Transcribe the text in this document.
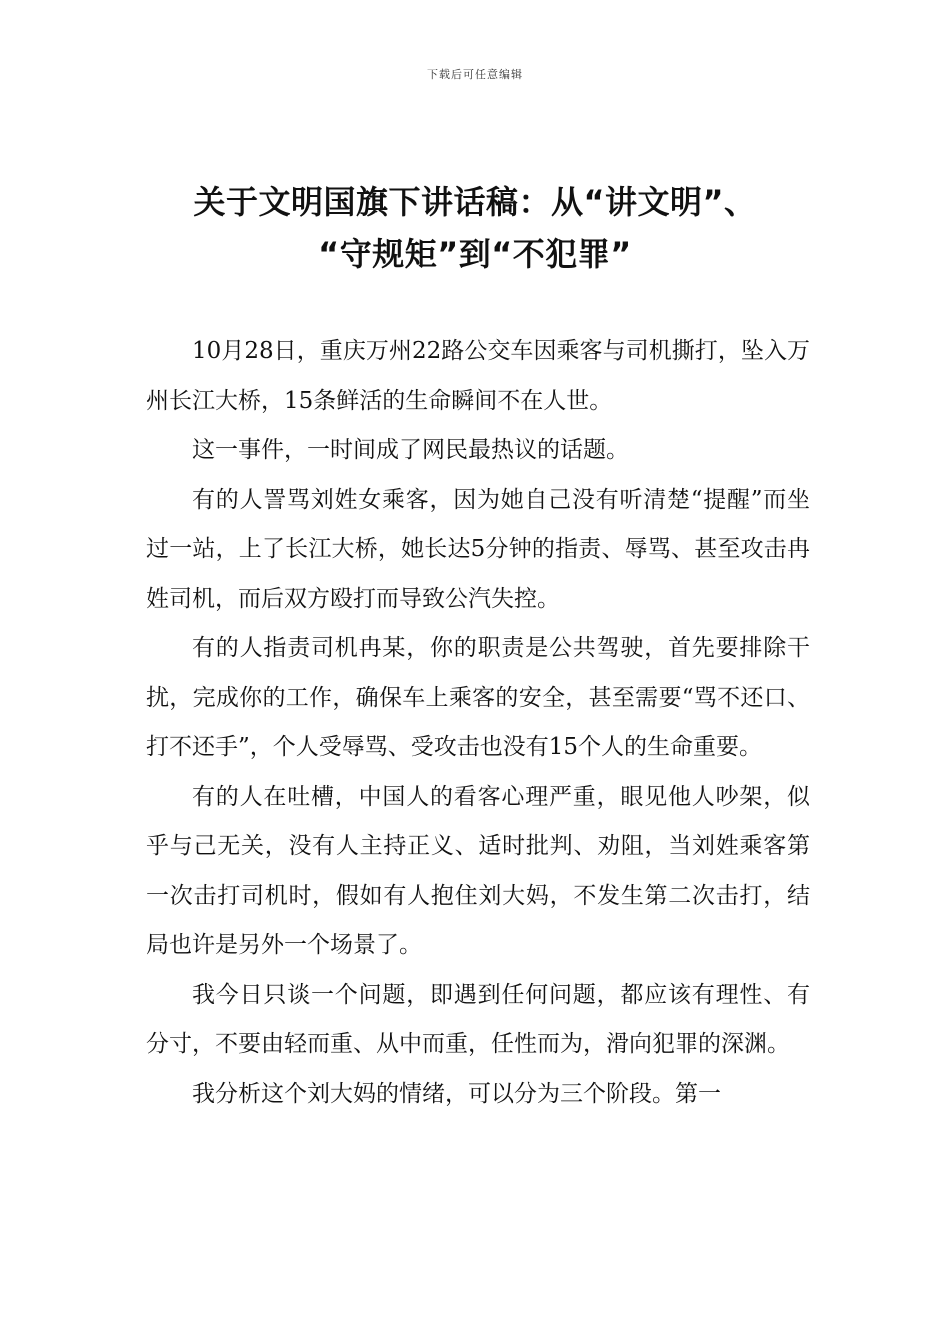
下载后可任意编辑
关于文明国旗下讲话稿：从“讲文明”、
“守规矩”到“不犯罪”

10月28日，重庆万州22路公交车因乘客与司机撕打，坠入万州长江大桥，15条鲜活的生命瞬间不在人世。

这一事件，一时间成了网民最热议的话题。

有的人詈骂刘姓女乘客，因为她自己没有听清楚“提醒”而坐过一站，上了长江大桥，她长达5分钟的指责、辱骂、甚至攻击冉姓司机，而后双方殴打而导致公汽失控。

有的人指责司机冉某，你的职责是公共驾驶，首先要排除干扰，完成你的工作，确保车上乘客的安全，甚至需要“骂不还口、打不还手”，个人受辱骂、受攻击也没有15个人的生命重要。

有的人在吐槽，中国人的看客心理严重，眼见他人吵架，似乎与己无关，没有人主持正义、适时批判、劝阻，当刘姓乘客第一次击打司机时，假如有人抱住刘大妈，不发生第二次击打，结局也许是另外一个场景了。

我今日只谈一个问题，即遇到任何问题，都应该有理性、有分寸，不要由轻而重、从中而重，任性而为，滑向犯罪的深渊。

我分析这个刘大妈的情绪，可以分为三个阶段。第一
